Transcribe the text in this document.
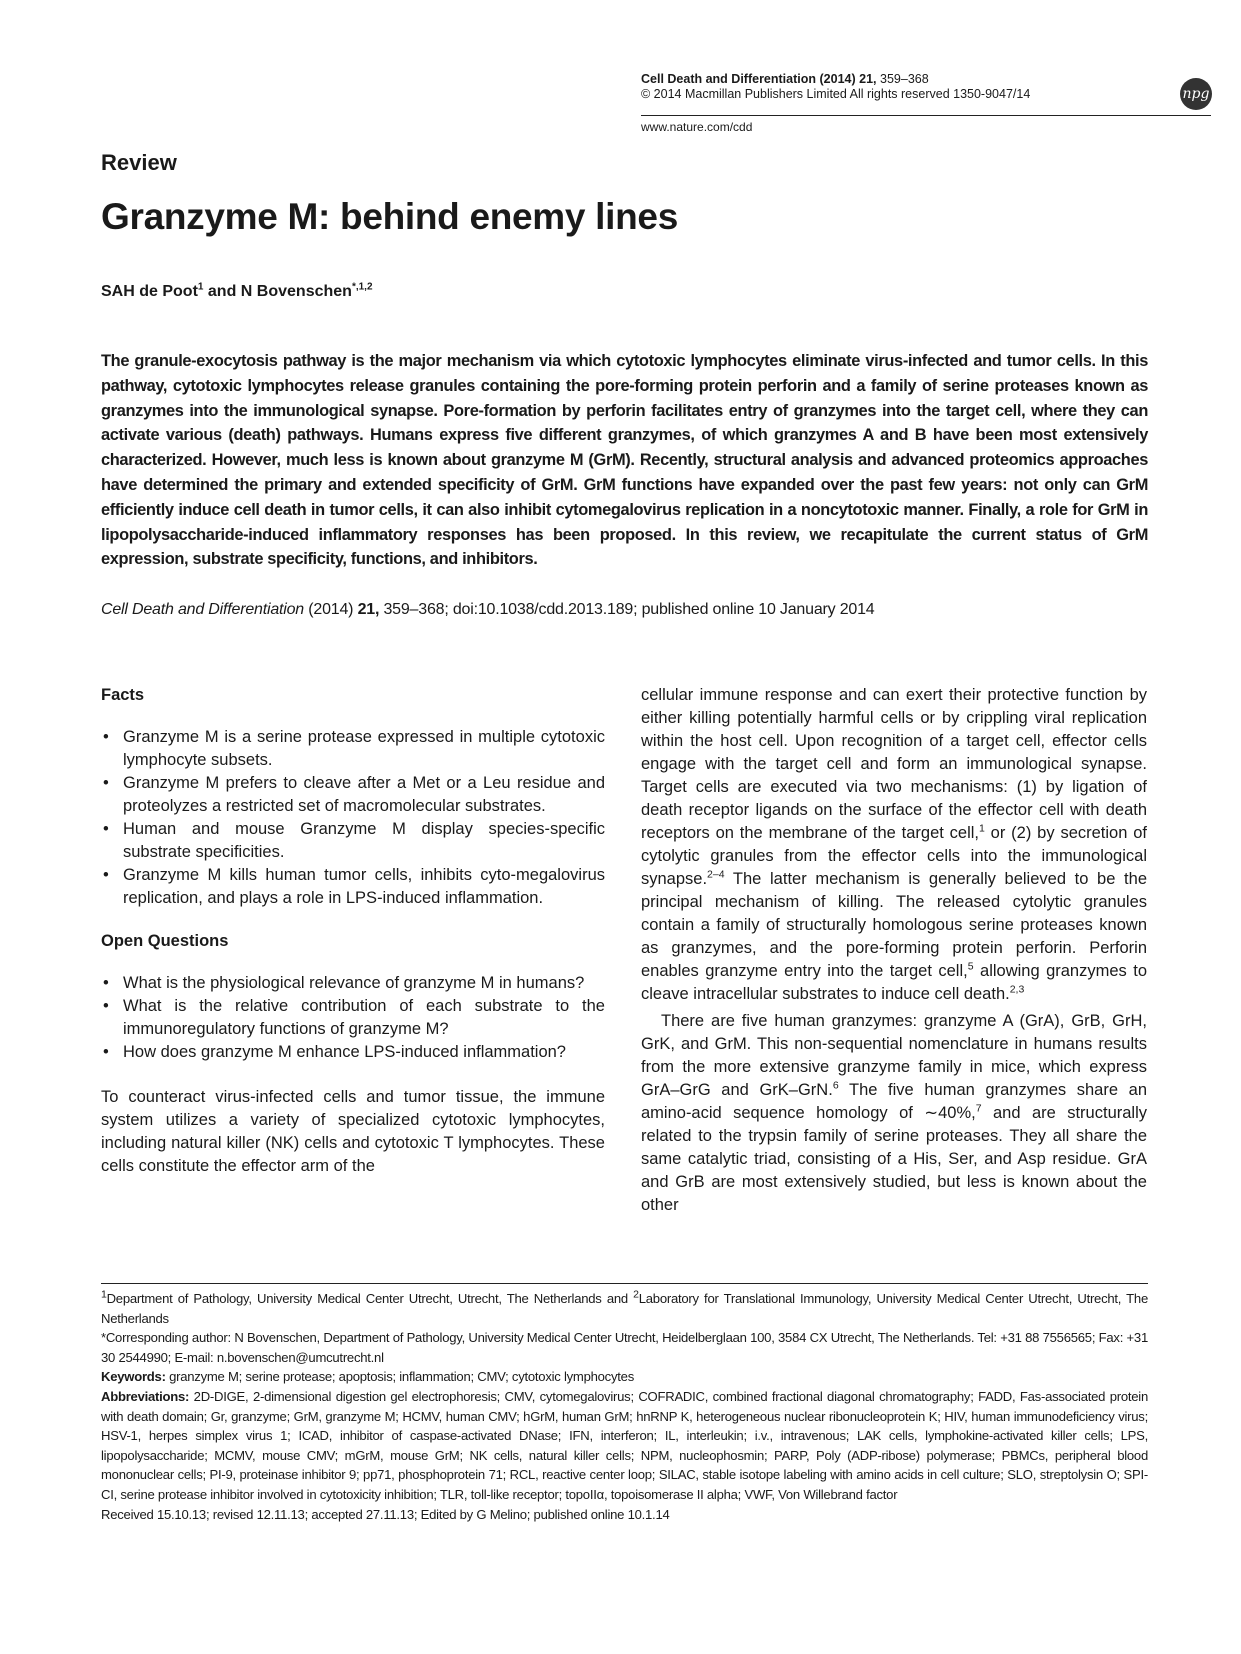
Cell Death and Differentiation (2014) 21, 359–368
© 2014 Macmillan Publishers Limited All rights reserved 1350-9047/14	npg
www.nature.com/cdd
Review
Granzyme M: behind enemy lines
SAH de Poot$^1$ and N Bovenschen$^{*,1,2}$
The granule-exocytosis pathway is the major mechanism via which cytotoxic lymphocytes eliminate virus-infected and tumor cells. In this pathway, cytotoxic lymphocytes release granules containing the pore-forming protein perforin and a family of serine proteases known as granzymes into the immunological synapse. Pore-formation by perforin facilitates entry of granzymes into the target cell, where they can activate various (death) pathways. Humans express five different granzymes, of which granzymes A and B have been most extensively characterized. However, much less is known about granzyme M (GrM). Recently, structural analysis and advanced proteomics approaches have determined the primary and extended specificity of GrM. GrM functions have expanded over the past few years: not only can GrM efficiently induce cell death in tumor cells, it can also inhibit cytomegalovirus replication in a noncytotoxic manner. Finally, a role for GrM in lipopolysaccharide-induced inflammatory responses has been proposed. In this review, we recapitulate the current status of GrM expression, substrate specificity, functions, and inhibitors.
Cell Death and Differentiation (2014) 21, 359–368; doi:10.1038/cdd.2013.189; published online 10 January 2014

Facts

• Granzyme M is a serine protease expressed in multiple cytotoxic lymphocyte subsets.
• Granzyme M prefers to cleave after a Met or a Leu residue and proteolyzes a restricted set of macromolecular substrates.
• Human and mouse Granzyme M display species-specific substrate specificities.
• Granzyme M kills human tumor cells, inhibits cyto-megalovirus replication, and plays a role in LPS-induced inflammation.

Open Questions

• What is the physiological relevance of granzyme M in humans?
• What is the relative contribution of each substrate to the immunoregulatory functions of granzyme M?
• How does granzyme M enhance LPS-induced inflammation?

To counteract virus-infected cells and tumor tissue, the immune system utilizes a variety of specialized cytotoxic lymphocytes, including natural killer (NK) cells and cytotoxic T lymphocytes. These cells constitute the effector arm of the

cellular immune response and can exert their protective function by either killing potentially harmful cells or by crippling viral replication within the host cell. Upon recognition of a target cell, effector cells engage with the target cell and form an immunological synapse. Target cells are executed via two mechanisms: (1) by ligation of death receptor ligands on the surface of the effector cell with death receptors on the membrane of the target cell,$^1$ or (2) by secretion of cytolytic granules from the effector cells into the immunological synapse.$^{2-4}$ The latter mechanism is generally believed to be the principal mechanism of killing. The released cytolytic granules contain a family of structurally homologous serine proteases known as granzymes, and the pore-forming protein perforin. Perforin enables granzyme entry into the target cell,$^5$ allowing granzymes to cleave intracellular substrates to induce cell death.$^{2,3}$

There are five human granzymes: granzyme A (GrA), GrB, GrH, GrK, and GrM. This non-sequential nomenclature in humans results from the more extensive granzyme family in mice, which express GrA–GrG and GrK–GrN.$^6$ The five human granzymes share an amino-acid sequence homology of ∼40%,$^7$ and are structurally related to the trypsin family of serine proteases. They all share the same catalytic triad, consisting of a His, Ser, and Asp residue. GrA and GrB are most extensively studied, but less is known about the other

$^1$Department of Pathology, University Medical Center Utrecht, Utrecht, The Netherlands and $^2$Laboratory for Translational Immunology, University Medical Center Utrecht, Utrecht, The Netherlands

*Corresponding author: N Bovenschen, Department of Pathology, University Medical Center Utrecht, Heidelberglaan 100, 3584 CX Utrecht, The Netherlands. Tel: +31 88 7556565; Fax: +31 30 2544990; E-mail: n.bovenschen@umcutrecht.nl

Keywords: granzyme M; serine protease; apoptosis; inflammation; CMV; cytotoxic lymphocytes

Abbreviations: 2D-DIGE, 2-dimensional digestion gel electrophoresis; CMV, cytomegalovirus; COFRADIC, combined fractional diagonal chromatography; FADD, Fas-associated protein with death domain; Gr, granzyme; GrM, granzyme M; HCMV, human CMV; hGrM, human GrM; hnRNP K, heterogeneous nuclear ribonucleoprotein K; HIV, human immunodeficiency virus; HSV-1, herpes simplex virus 1; ICAD, inhibitor of caspase-activated DNase; IFN, interferon; IL, interleukin; i.v., intravenous; LAK cells, lymphokine-activated killer cells; LPS, lipopolysaccharide; MCMV, mouse CMV; mGrM, mouse GrM; NK cells, natural killer cells; NPM, nucleophosmin; PARP, Poly (ADP-ribose) polymerase; PBMCs, peripheral blood mononuclear cells; PI-9, proteinase inhibitor 9; pp71, phosphoprotein 71; RCL, reactive center loop; SILAC, stable isotope labeling with amino acids in cell culture; SLO, streptolysin O; SPI-CI, serine protease inhibitor involved in cytotoxicity inhibition; TLR, toll-like receptor; topoIIα, topoisomerase II alpha; VWF, Von Willebrand factor

Received 15.10.13; revised 12.11.13; accepted 27.11.13; Edited by G Melino; published online 10.1.14
